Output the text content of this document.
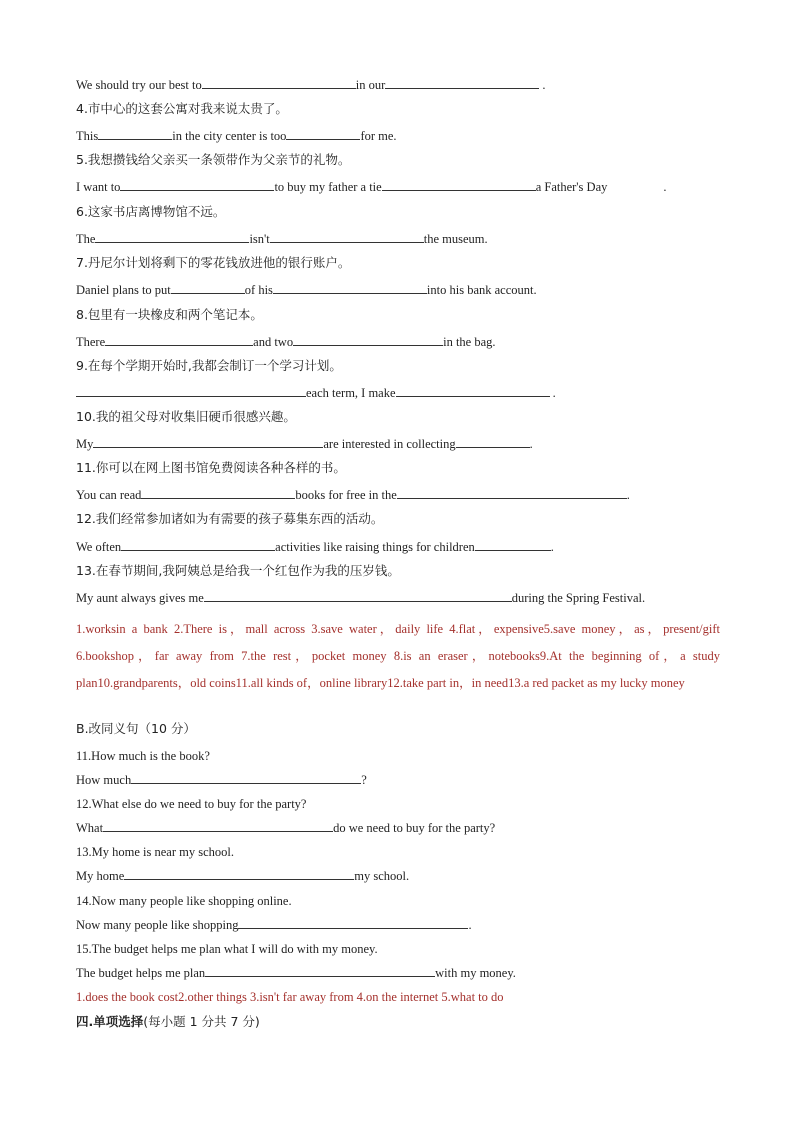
We should try our best to	in our	.
4.市中心的这套公寓对我来说太贵了。
This	in the city center is too	for me.
5.我想攒钱给父亲买一条领带作为父亲节的礼物。
I want to	to buy my father a tie	a Father's Day	.
6.这家书店离博物馆不远。
The	isn't	the museum.
7.丹尼尔计划将剩下的零花钱放进他的银行账户。
Daniel plans to put	of his	into his bank account.
8.包里有一块橡皮和两个笔记本。
There	and two	in the bag.
9.在每个学期开始时,我都会制订一个学习计划。
each term, I make	.
10.我的祖父母对收集旧硬币很感兴趣。
My	are interested in collecting	.
11.你可以在网上图书馆免费阅读各种各样的书。
You can read	books for free in the	.
12.我们经常参加诸如为有需要的孩子募集东西的活动。
We often	activities like raising things for children	.
13.在春节期间,我阿姨总是给我一个红包作为我的压岁钱。
My aunt always gives me	during the Spring Festival.
1.worksin a bank 2.There is，mall across 3.save water，daily life 4.flat，expensive5.save money，as，present/gift 6.bookshop，far away from 7.the rest，pocket money 8.is an eraser，notebooks9.At the beginning of，a study plan10.grandparents，old coins11.all kinds of，online library12.take part in，in need13.a red packet as my lucky money
B.改同义句（10 分）
11.How much is the book?
How much	?
12.What else do we need to buy for the party?
What	do we need to buy for the party?
13.My home is near my school.
My home	my school.
14.Now many people like shopping online.
Now many people like shopping	.
15.The budget helps me plan what I will do with my money.
The budget helps me plan	with my money.
1.does the book cost2.other things 3.isn't far away from 4.on the internet 5.what to do
四.单项选择(每小题 1 分共 7 分)
